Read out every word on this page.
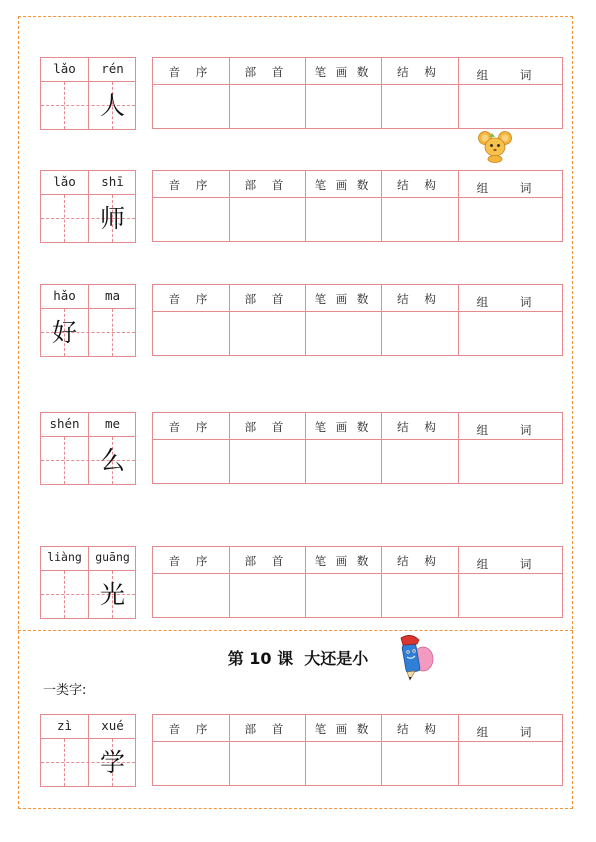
lǎo	rén
人
音 序	部 首	笔 画 数	结 构	组 词
lǎo	shī
师
音 序	部 首	笔 画 数	结 构	组 词
hǎo	ma
好
音 序	部 首	笔 画 数	结 构	组 词
shén	me
么
音 序	部 首	笔 画 数	结 构	组 词
liàng	guāng
光
音 序	部 首	笔 画 数	结 构	组 词
第 10 课 大还是小
一类字:
zì	xué
学
音 序	部 首	笔 画 数	结 构	组 词
